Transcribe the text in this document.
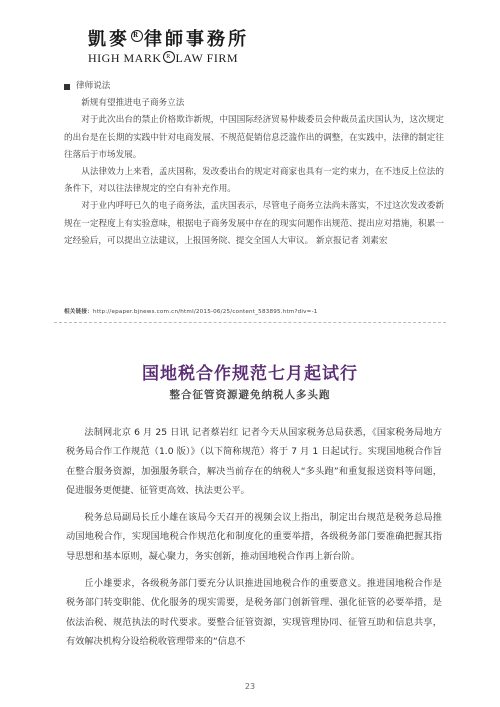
凱麥 R 律師事務所
HIGH MARK R LAW FIRM
律师说法

新规有望推进电子商务立法

对于此次出台的禁止价格欺诈新规，中国国际经济贸易仲裁委员会仲裁员孟庆国认为，这次规定的出台是在长期的实践中针对电商发展、不规范促销信息泛滥作出的调整，在实践中，法律的制定往往落后于市场发展。

从法律效力上来看，孟庆国称，发改委出台的规定对商家也具有一定约束力，在不违反上位法的条件下，对以往法律规定的空白有补充作用。

对于业内呼吁已久的电子商务法，孟庆国表示，尽管电子商务立法尚未落实，不过这次发改委新规在一定程度上有实验意味，根据电子商务发展中存在的现实问题作出规范、提出应对措施，积累一定经验后，可以提出立法建议，上报国务院、提交全国人大审议。 新京报记者 刘素宏

相关链接：http://epaper.bjnews.com.cn/html/2015-06/25/content_583895.htm?div=-1
国地税合作规范七月起试行
整合征管资源避免纳税人多头跑

法制网北京 6 月 25 日讯 记者蔡岩红 记者今天从国家税务总局获悉，《国家税务局地方税务局合作工作规范（1.0 版）》（以下简称规范）将于 7 月 1 日起试行。实现国地税合作旨在整合服务资源，加强服务联合，解决当前存在的纳税人“多头跑”和重复报送资料等问题，促进服务更便捷、征管更高效、执法更公平。

税务总局副局长丘小雄在该局今天召开的视频会议上指出，制定出台规范是税务总局推动国地税合作，实现国地税合作规范化和制度化的重要举措，各级税务部门要准确把握其指导思想和基本原则，凝心聚力，务实创新，推动国地税合作再上新台阶。

丘小雄要求，各级税务部门要充分认识推进国地税合作的重要意义。推进国地税合作是税务部门转变职能、优化服务的现实需要，是税务部门创新管理、强化征管的必要举措，是依法治税、规范执法的时代要求。要整合征管资源，实现管理协同、征管互助和信息共享，有效解决机构分设给税收管理带来的“信息不

23
